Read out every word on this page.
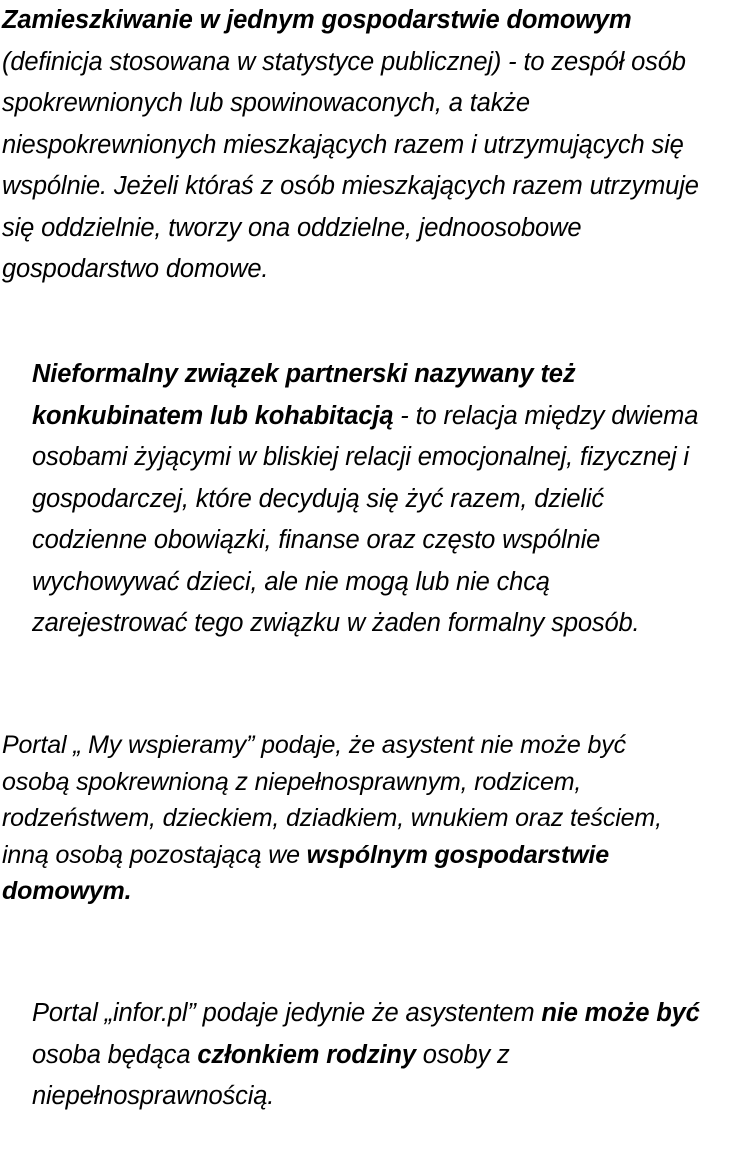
Zamieszkiwanie w jednym gospodarstwie domowym
(definicja stosowana w statystyce publicznej) - to zespół osób
spokrewnionych lub spowinowaconych, a także
niespokrewnionych mieszkających razem i utrzymujących się
wspólnie. Jeżeli któraś z osób mieszkających razem utrzymuje
się oddzielnie, tworzy ona oddzielne, jednoosobowe
gospodarstwo domowe.
Nieformalny związek partnerski nazywany też
konkubinatem lub kohabitacją - to relacja między dwiema
osobami żyjącymi w bliskiej relacji emocjonalnej, fizycznej i
gospodarczej, które decydują się żyć razem, dzielić
codzienne obowiązki, finanse oraz często wspólnie
wychowywać dzieci, ale nie mogą lub nie chcą
zarejestrować tego związku w żaden formalny sposób.
Portal „ My wspieramy” podaje, że asystent nie może być
osobą spokrewnioną z niepełnosprawnym, rodzicem,
rodzeństwem, dzieckiem, dziadkiem, wnukiem oraz teściem,
inną osobą pozostającą we wspólnym gospodarstwie
domowym.
Portal „infor.pl” podaje jedynie że asystentem nie może być
osoba będąca członkiem rodziny osoby z
niepełnosprawnością.
